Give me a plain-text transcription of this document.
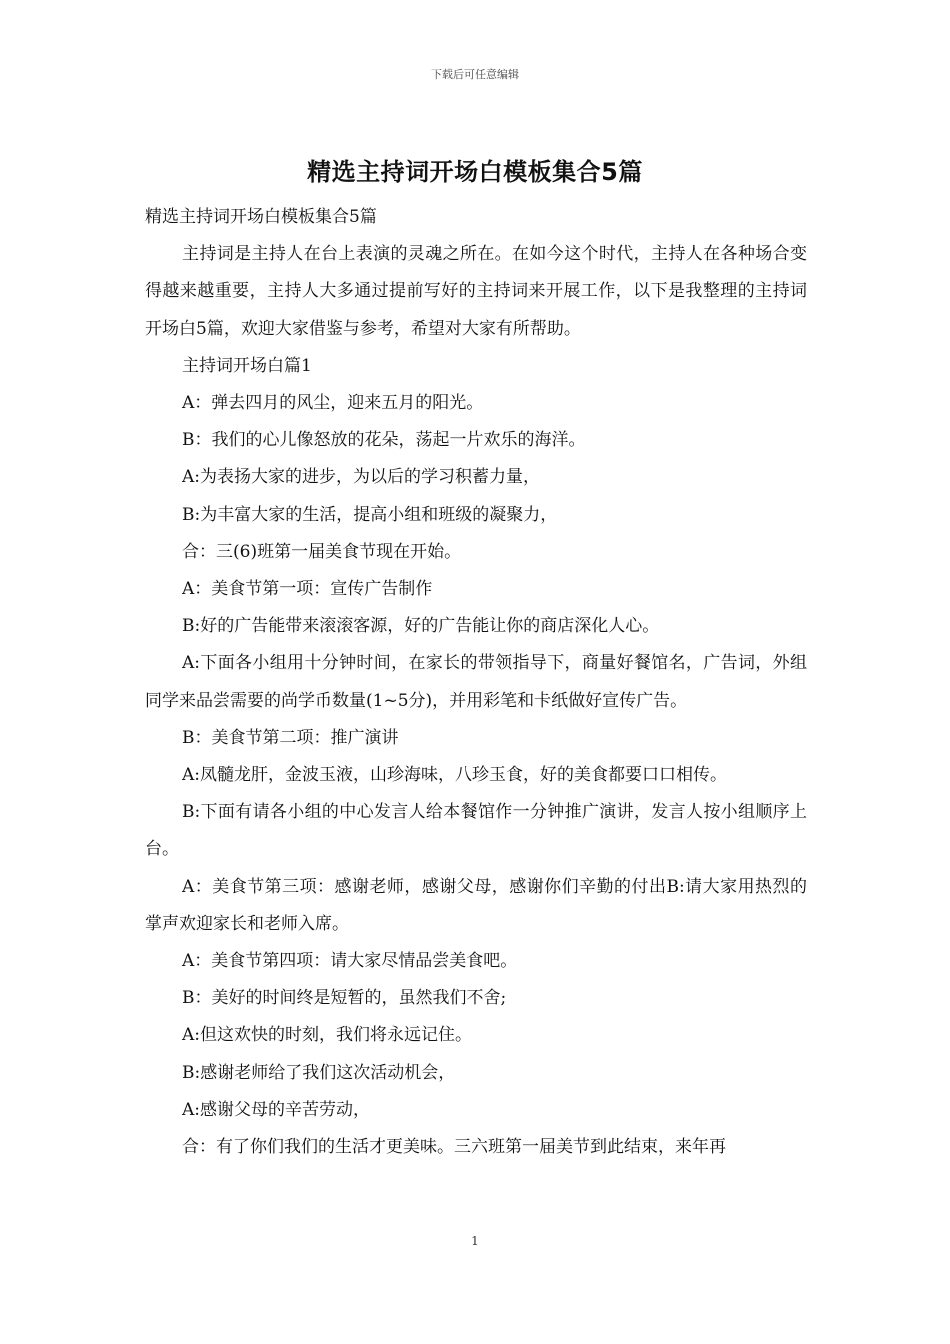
下载后可任意编辑
精选主持词开场白模板集合5篇

精选主持词开场白模板集合5篇

主持词是主持人在台上表演的灵魂之所在。在如今这个时代，主持人在各种场合变得越来越重要，主持人大多通过提前写好的主持词来开展工作，以下是我整理的主持词开场白5篇，欢迎大家借鉴与参考，希望对大家有所帮助。

主持词开场白篇1

A：弹去四月的风尘，迎来五月的阳光。

B：我们的心儿像怒放的花朵，荡起一片欢乐的海洋。

A:为表扬大家的进步，为以后的学习积蓄力量，

B:为丰富大家的生活，提高小组和班级的凝聚力，

合：三(6)班第一届美食节现在开始。

A：美食节第一项：宣传广告制作

B:好的广告能带来滚滚客源，好的广告能让你的商店深化人心。

A:下面各小组用十分钟时间，在家长的带领指导下，商量好餐馆名，广告词，外组同学来品尝需要的尚学币数量(1~5分)，并用彩笔和卡纸做好宣传广告。

B：美食节第二项：推广演讲

A:凤髓龙肝，金波玉液，山珍海味，八珍玉食，好的美食都要口口相传。

B:下面有请各小组的中心发言人给本餐馆作一分钟推广演讲，发言人按小组顺序上台。

A：美食节第三项：感谢老师，感谢父母，感谢你们辛勤的付出B:请大家用热烈的掌声欢迎家长和老师入席。

A：美食节第四项：请大家尽情品尝美食吧。

B：美好的时间终是短暂的，虽然我们不舍;

A:但这欢快的时刻，我们将永远记住。

B:感谢老师给了我们这次活动机会，

A:感谢父母的辛苦劳动，

合：有了你们我们的生活才更美味。三六班第一届美节到此结束，来年再

1
